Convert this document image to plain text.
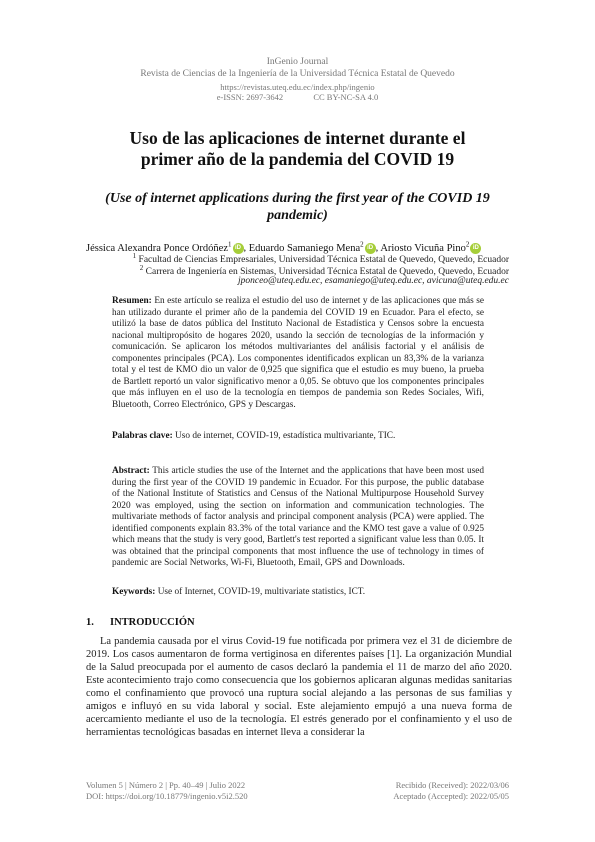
InGenio Journal
Revista de Ciencias de la Ingeniería de la Universidad Técnica Estatal de Quevedo
https://revistas.uteq.edu.ec/index.php/ingenio
e-ISSN: 2697-3642	CC BY-NC-SA 4.0
Uso de las aplicaciones de internet durante el primer año de la pandemia del COVID 19
(Use of internet applications during the first year of the COVID 19 pandemic)
Jéssica Alexandra Ponce Ordóñez$^1$ iD , Eduardo Samaniego Mena$^2$ iD , Ariosto Vicuña Pino$^2$ iD
$^1$ Facultad de Ciencias Empresariales, Universidad Técnica Estatal de Quevedo, Quevedo, Ecuador
$^2$ Carrera de Ingeniería en Sistemas, Universidad Técnica Estatal de Quevedo, Quevedo, Ecuador
jponceo@uteq.edu.ec, esamaniego@uteq.edu.ec, avicuna@uteq.edu.ec
Resumen: En este artículo se realiza el estudio del uso de internet y de las aplicaciones que más se han utilizado durante el primer año de la pandemia del COVID 19 en Ecuador. Para el efecto, se utilizó la base de datos pública del Instituto Nacional de Estadística y Censos sobre la encuesta nacional multipropósito de hogares 2020, usando la sección de tecnologías de la información y comunicación. Se aplicaron los métodos multivariantes del análisis factorial y el análisis de componentes principales (PCA). Los componentes identificados explican un 83,3% de la varianza total y el test de KMO dio un valor de 0,925 que significa que el estudio es muy bueno, la prueba de Bartlett reportó un valor significativo menor a 0,05. Se obtuvo que los componentes principales que más influyen en el uso de la tecnología en tiempos de pandemia son Redes Sociales, Wifi, Bluetooth, Correo Electrónico, GPS y Descargas.
Palabras clave: Uso de internet, COVID-19, estadística multivariante, TIC.
Abstract: This article studies the use of the Internet and the applications that have been most used during the first year of the COVID 19 pandemic in Ecuador. For this purpose, the public database of the National Institute of Statistics and Census of the National Multipurpose Household Survey 2020 was employed, using the section on information and communication technologies. The multivariate methods of factor analysis and principal component analysis (PCA) were applied. The identified components explain 83.3% of the total variance and the KMO test gave a value of 0.925 which means that the study is very good, Bartlett's test reported a significant value less than 0.05. It was obtained that the principal components that most influence the use of technology in times of pandemic are Social Networks, Wi-Fi, Bluetooth, Email, GPS and Downloads.
Keywords: Use of Internet, COVID-19, multivariate statistics, ICT.
1. INTRODUCCIÓN

La pandemia causada por el virus Covid-19 fue notificada por primera vez el 31 de diciembre de 2019. Los casos aumentaron de forma vertiginosa en diferentes países [1]. La organización Mundial de la Salud preocupada por el aumento de casos declaró la pandemia el 11 de marzo del año 2020. Este acontecimiento trajo como consecuencia que los gobiernos aplicaran algunas medidas sanitarias como el confinamiento que provocó una ruptura social alejando a las personas de sus familias y amigos e influyó en su vida laboral y social. Este alejamiento empujó a una nueva forma de acercamiento mediante el uso de la tecnología. El estrés generado por el confinamiento y el uso de herramientas tecnológicas basadas en internet lleva a considerar la

Volumen 5 | Número 2 | Pp. 40–49 | Julio 2022
DOI: https://doi.org/10.18779/ingenio.v5i2.520
Recibido (Received): 2022/03/06
Aceptado (Accepted): 2022/05/05
